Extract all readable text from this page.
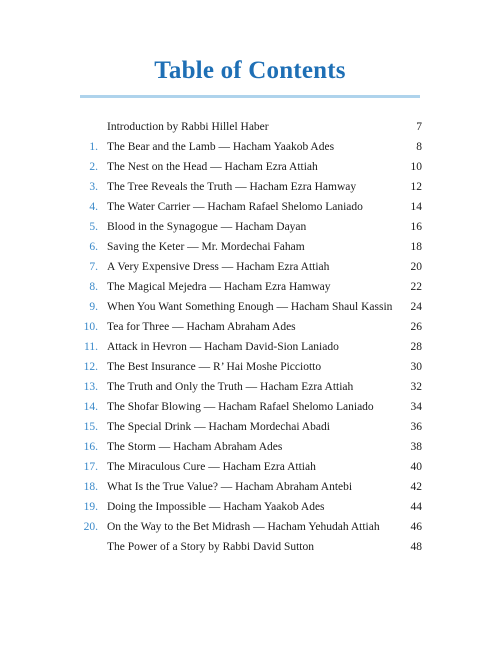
Table of Contents
Introduction by Rabbi Hillel Haber	7
1. The Bear and the Lamb — Hacham Yaakob Ades	8
2. The Nest on the Head — Hacham Ezra Attiah	10
3. The Tree Reveals the Truth — Hacham Ezra Hamway	12
4. The Water Carrier — Hacham Rafael Shelomo Laniado	14
5. Blood in the Synagogue — Hacham Dayan	16
6. Saving the Keter — Mr. Mordechai Faham	18
7. A Very Expensive Dress — Hacham Ezra Attiah	20
8. The Magical Mejedra — Hacham Ezra Hamway	22
9. When You Want Something Enough — Hacham Shaul Kassin	24
10. Tea for Three — Hacham Abraham Ades	26
11. Attack in Hevron — Hacham David-Sion Laniado	28
12. The Best Insurance — R’ Hai Moshe Picciotto	30
13. The Truth and Only the Truth — Hacham Ezra Attiah	32
14. The Shofar Blowing — Hacham Rafael Shelomo Laniado	34
15. The Special Drink — Hacham Mordechai Abadi	36
16. The Storm — Hacham Abraham Ades	38
17. The Miraculous Cure — Hacham Ezra Attiah	40
18. What Is the True Value? — Hacham Abraham Antebi	42
19. Doing the Impossible — Hacham Yaakob Ades	44
20. On the Way to the Bet Midrash — Hacham Yehudah Attiah	46
The Power of a Story by Rabbi David Sutton	48
